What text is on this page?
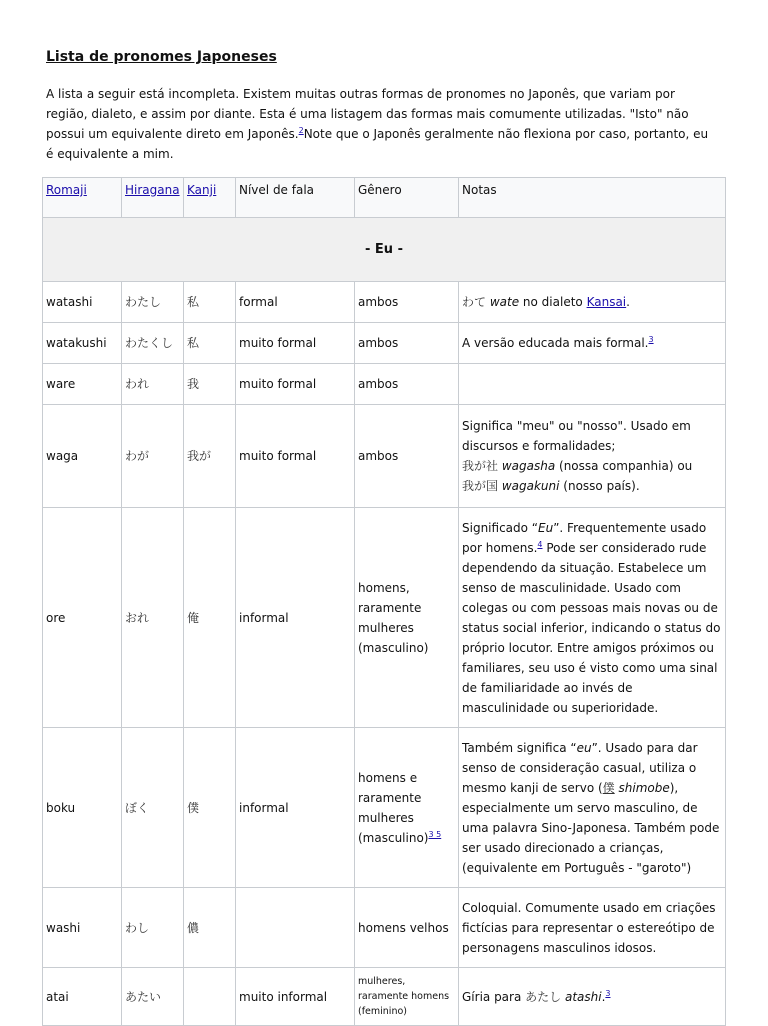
Lista de pronomes Japoneses

A lista a seguir está incompleta. Existem muitas outras formas de pronomes no Japonês, que variam por região, dialeto, e assim por diante. Esta é uma listagem das formas mais comumente utilizadas. "Isto" não possui um equivalente direto em Japonês.$^2$Note que o Japonês geralmente não flexiona por caso, portanto, eu é equivalente a mim.

Romaji	Hiragana	Kanji	Nível de fala	Gênero	Notas
- Eu -					
watashi	わたし	私	formal	ambos	わて wate no dialeto Kansai.
watakushi	わたくし	私	muito formal	ambos	A versão educada mais formal.$^3$
ware	われ	我	muito formal	ambos	
waga	わが	我が	muito formal	ambos	Significa "meu" ou "nosso". Usado em discursos e formalidades;
我が社 wagasha (nossa companhia) ou
我が国 wagakuni (nosso país).
ore	おれ	俺	informal	homens, raramente mulheres (masculino)	Significado “Eu”. Frequentemente usado por homens.$^4$ Pode ser considerado rude dependendo da situação. Estabelece um senso de masculinidade. Usado com colegas ou com pessoas mais novas ou de status social inferior, indicando o status do próprio locutor. Entre amigos próximos ou familiares, seu uso é visto como uma sinal de familiaridade ao invés de masculinidade ou superioridade.
boku	ぼく	僕	informal	homens e raramente mulheres (masculino)$^{3 5}$	Também significa “eu”. Usado para dar senso de consideração casual, utiliza o mesmo kanji de servo (僕 shimobe), especialmente um servo masculino, de uma palavra Sino-Japonesa. Também pode ser usado direcionado a crianças, (equivalente em Português - "garoto")
washi	わし	儂		homens velhos	Coloquial. Comumente usado em criações fictícias para representar o estereótipo de personagens masculinos idosos.
atai	あたい		muito informal	mulheres, raramente homens (feminino)	Gíria para あたし atashi.$^3$
